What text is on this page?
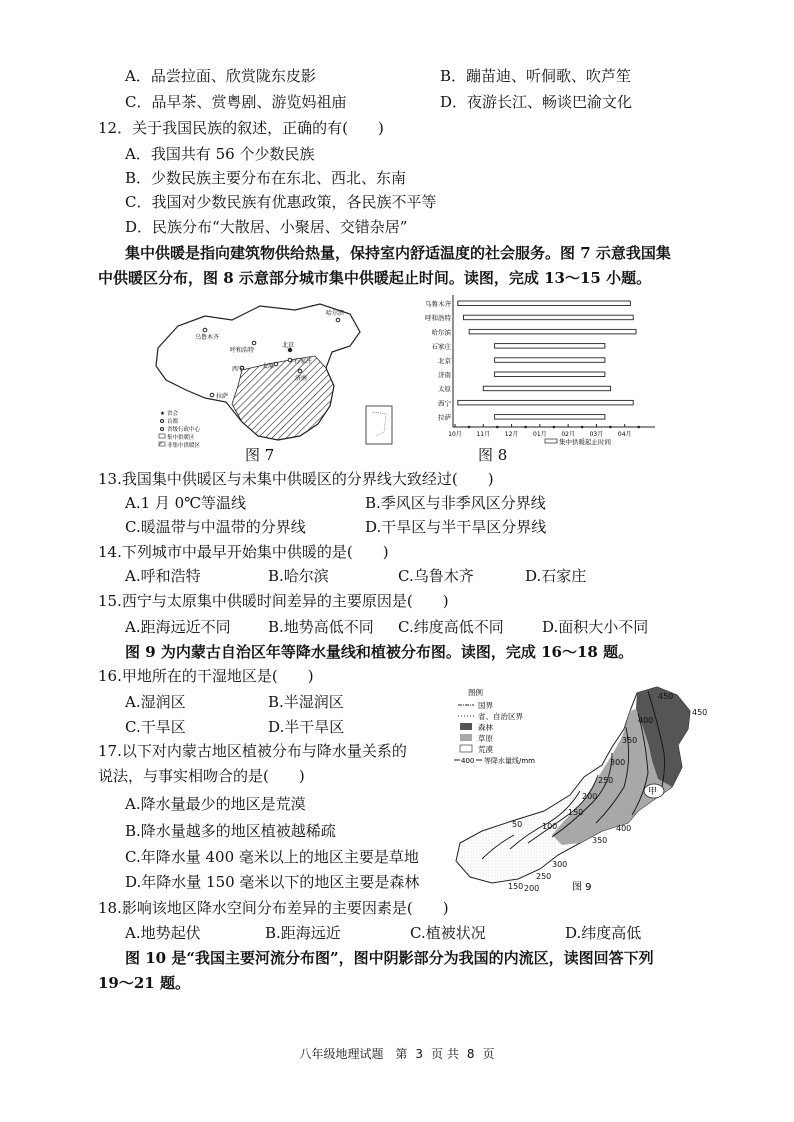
A．品尝拉面、欣赏陇东皮影	B．蹦苗迪、听侗歌、吹芦笙
C．品早茶、赏粤剧、游览妈祖庙	D．夜游长江、畅谈巴渝文化
12．关于我国民族的叙述，正确的有(　　)
A．我国共有 56 个少数民族
B．少数民族主要分布在东北、西北、东南
C．我国对少数民族有优惠政策，各民族不平等
D．民族分布“大散居、小聚居、交错杂居”
集中供暖是指向建筑物供给热量，保持室内舒适温度的社会服务。图 7 示意我国集
中供暖区分布，图 8 示意部分城市集中供暖起止时间。读图，完成 13～15 小题。
乌鲁木齐
呼和浩特
北京
石家庄
太原
济南
西宁
拉萨
哈尔滨
★ 省会
首都
省级行政中心
集中供暖区
非集中供暖区	图 7
乌鲁木齐
呼和浩特
哈尔滨
石家庄
北京
济南
太原
西宁
拉萨
10月 11月 12月 01月 02月 03月 04月
集中供暖起止时间
图 8
13.我国集中供暖区与未集中供暖区的分界线大致经过(　　)
A.1 月 0℃等温线	B.季风区与非季风区分界线
C.暖温带与中温带的分界线	D.干旱区与半干旱区分界线
14.下列城市中最早开始集中供暖的是(　　)
A.呼和浩特	B.哈尔滨	C.乌鲁木齐	D.石家庄
15.西宁与太原集中供暖时间差异的主要原因是(　　)
A.距海远近不同 B.地势高低不同 C.纬度高低不同	D.面积大小不同
图 9 为内蒙古自治区年等降水量线和植被分布图。读图，完成 16～18 题。
16.甲地所在的干湿地区是(　　)
A.湿润区	B.半湿润区
C.干旱区	D.半干旱区
17.以下对内蒙古地区植被分布与降水量关系的
说法，与事实相吻合的是(　　)
A.降水量最少的地区是荒漠
B.降水量越多的地区植被越稀疏
C.年降水量 400 毫米以上的地区主要是草地
D.年降水量 150 毫米以下的地区主要是森林
450
450
400
350
300
250
200
150
100
50
150 200
250
300
350
400
甲
图例
国界
省、自治区界
森林
草原
荒漠
400 等降水量线/mm
图 9
18.影响该地区降水空间分布差异的主要因素是(　　)
A.地势起伏	B.距海远近	C.植被状况	D.纬度高低
图 10 是“我国主要河流分布图”，图中阴影部分为我国的内流区，读图回答下列
19～21 题。
八年级地理试题 第 3 页 共 8 页
